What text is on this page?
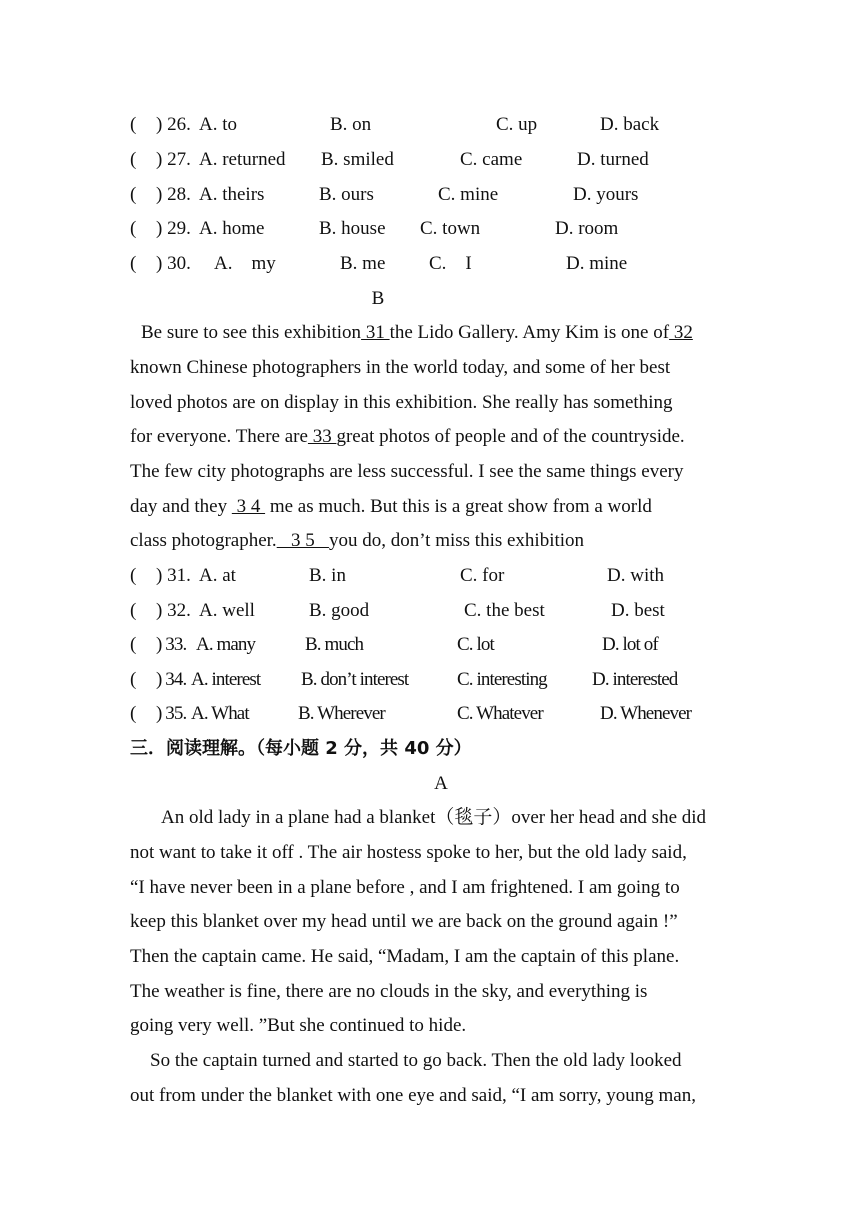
( ) 26. A. to	B. on	C. up	D. back
( ) 27. A. returned B. smiled	C. came	D. turned
( ) 28. A. theirs	B. ours	C. mine	D. yours
( ) 29. A. home	B. house C. town	D. room
( ) 30. A.    my	B. me C.    I	D. mine
B
Be sure to see this exhibition 31 the Lido Gallery. Amy Kim is one of 32
known Chinese photographers in the world today, and some of her best
loved photos are on display in this exhibition. She really has something
for everyone. There are 33 great photos of people and of the countryside.
The few city photographs are less successful. I see the same things every
day and they  3 4  me as much. But this is a great show from a world
class photographer.   3 5   you do, don’t miss this exhibition
( ) 31. A. at	B. in	C. for	D. with
( ) 32. A. well	B. good	C. the best	D. best
( ) 33. A. many	B. much	C. lot	D. lot of
( ) 34. A. interest B. don’t interest	C. interesting D. interested
( ) 35. A. What	B. Wherever	C. Whatever	D. Whenever
三．阅读理解。（每小题 2 分，共 40 分）
A
An old lady in a plane had a blanket（毯子）over her head and she did
not want to take it off . The air hostess spoke to her, but the old lady said,
“I have never been in a plane before , and I am frightened. I am going to
keep this blanket over my head until we are back on the ground again !”
Then the captain came. He said, “Madam, I am the captain of this plane.
The weather is fine, there are no clouds in the sky, and everything is
going very well. ”But she continued to hide.
So the captain turned and started to go back. Then the old lady looked
out from under the blanket with one eye and said, “I am sorry, young man,
